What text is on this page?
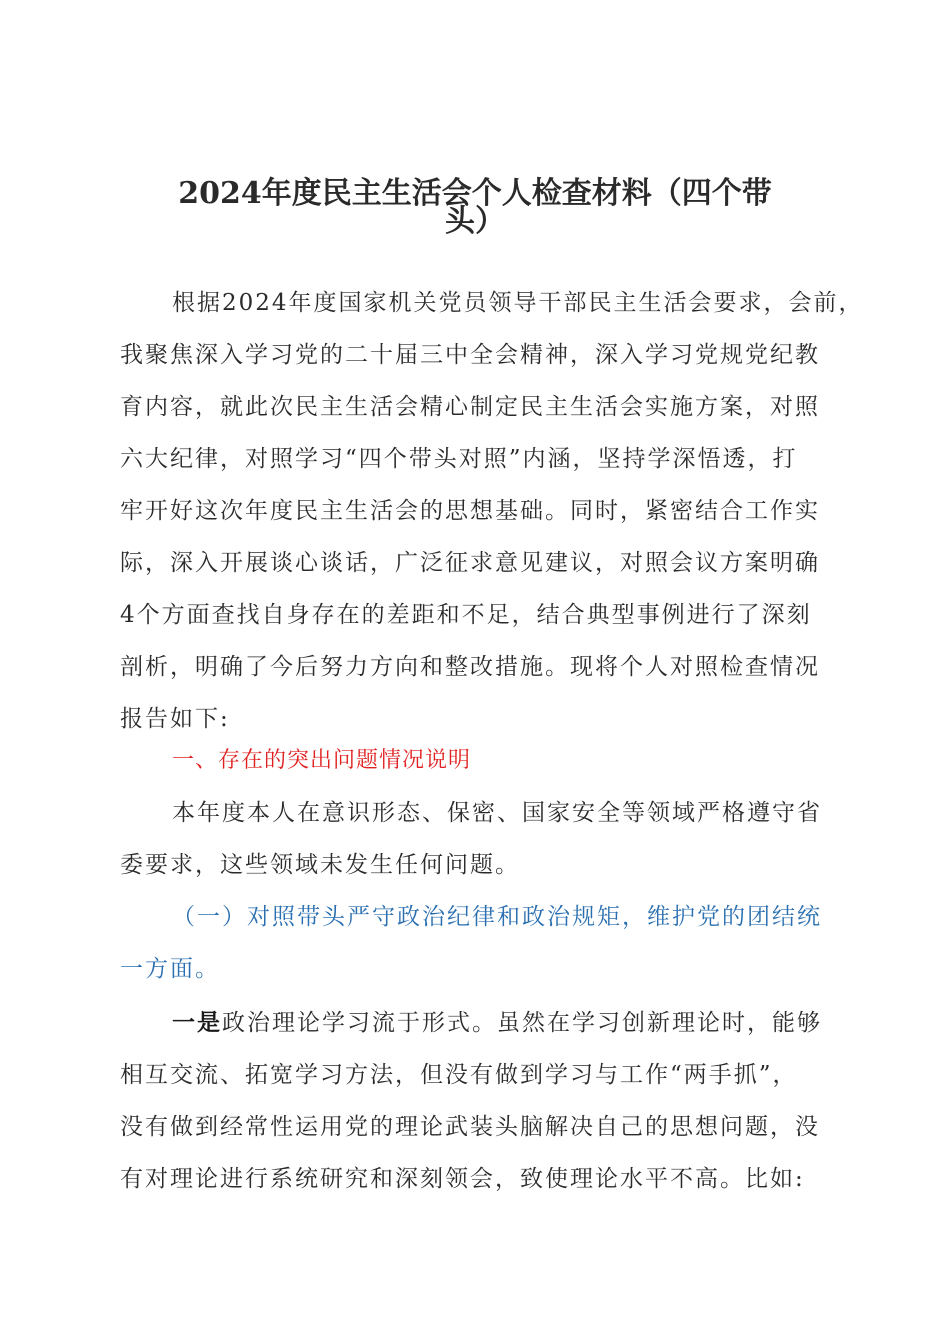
2024年度民主生活会个人检查材料（四个带
头）
根据2024年度国家机关党员领导干部民主生活会要求，会前，
我聚焦深入学习党的二十届三中全会精神，深入学习党规党纪教
育内容，就此次民主生活会精心制定民主生活会实施方案，对照
六大纪律，对照学习“四个带头对照”内涵，坚持学深悟透，打
牢开好这次年度民主生活会的思想基础。同时，紧密结合工作实
际，深入开展谈心谈话，广泛征求意见建议，对照会议方案明确
4个方面查找自身存在的差距和不足，结合典型事例进行了深刻
剖析，明确了今后努力方向和整改措施。现将个人对照检查情况
报告如下:
一、存在的突出问题情况说明
本年度本人在意识形态、保密、国家安全等领域严格遵守省
委要求，这些领域未发生任何问题。
（一）对照带头严守政治纪律和政治规矩，维护党的团结统
一方面。
一是政治理论学习流于形式。虽然在学习创新理论时，能够
相互交流、拓宽学习方法，但没有做到学习与工作“两手抓”，
没有做到经常性运用党的理论武装头脑解决自己的思想问题，没
有对理论进行系统研究和深刻领会，致使理论水平不高。比如:
